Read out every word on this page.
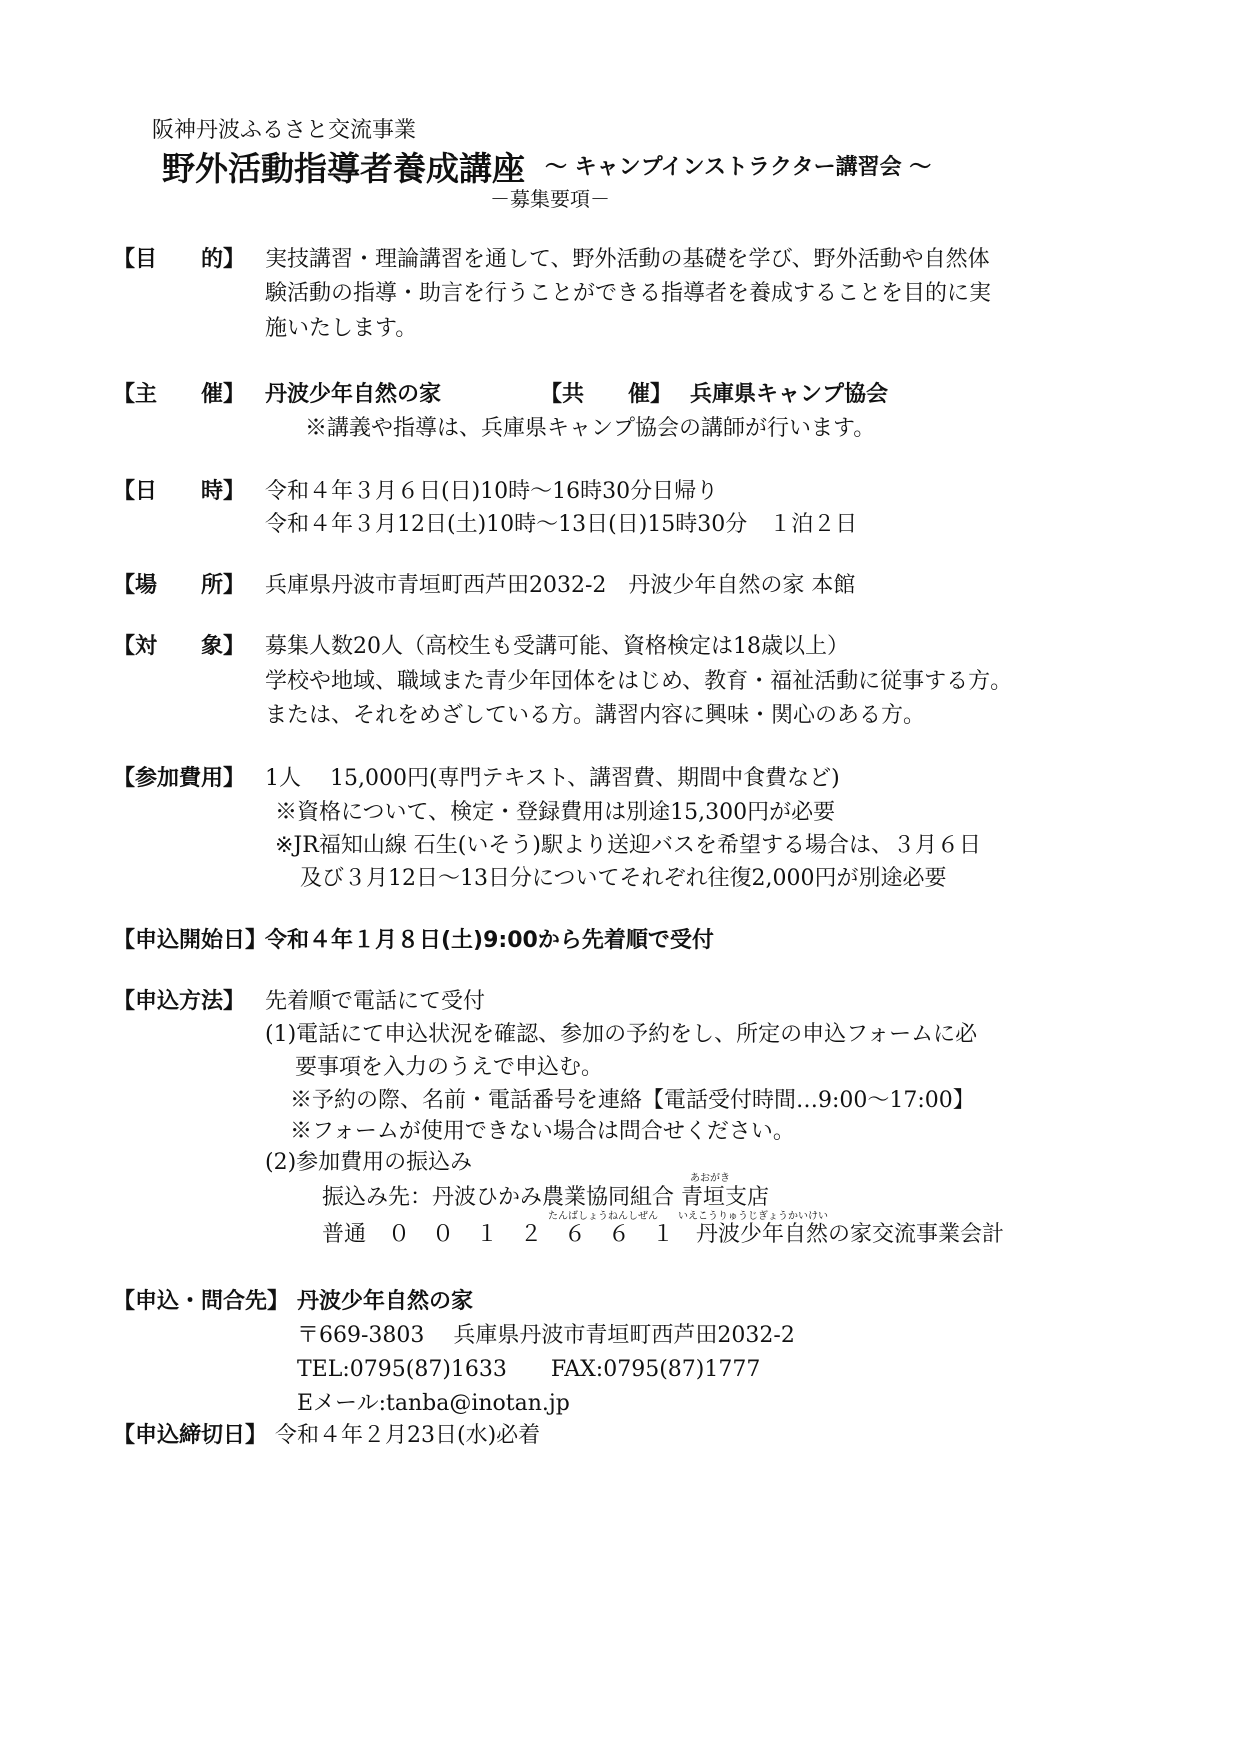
阪神丹波ふるさと交流事業
野外活動指導者養成講座 ～ キャンプインストラクター講習会 ～
－募集要項－
【目　　的】 実技講習・理論講習を通して、野外活動の基礎を学び、野外活動や自然体
験活動の指導・助言を行うことができる指導者を養成することを目的に実
施いたします。
【主　　催】 丹波少年自然の家	【共　　催】 兵庫県キャンプ協会
※講義や指導は、兵庫県キャンプ協会の講師が行います。
【日　　時】 令和４年３月６日(日)10時～16時30分日帰り
令和４年３月12日(土)10時～13日(日)15時30分　１泊２日
【場　　所】 兵庫県丹波市青垣町西芦田2032-2　丹波少年自然の家 本館
【対　　象】 募集人数20人（高校生も受講可能、資格検定は18歳以上）
学校や地域、職域また青少年団体をはじめ、教育・福祉活動に従事する方。
または、それをめざしている方。講習内容に興味・関心のある方。
【参加費用】 1人　 15,000円(専門テキスト、講習費、期間中食費など)
※資格について、検定・登録費用は別途15,300円が必要
※JR福知山線 石生(いそう)駅より送迎バスを希望する場合は、３月６日
及び３月12日～13日分についてそれぞれ往復2,000円が別途必要
【申込開始日】
令和４年１月８日(土)9:00から先着順で受付
【申込方法】 先着順で電話にて受付
(1)電話にて申込状況を確認、参加の予約をし、所定の申込フォームに必
要事項を入力のうえで申込む。
※予約の際、名前・電話番号を連絡【電話受付時間…9:00～17:00】
※フォームが使用できない場合は問合せください。
(2)参加費用の振込み
あおがき
振込み先：丹波ひかみ農業協同組合 青垣支店
たんばしょうねんしぜん　　いえこうりゅうじぎょうかいけい
普通　０　０　１　２　６　６　１　丹波少年自然の家交流事業会計
【申込・問合先】 丹波少年自然の家
〒669-3803　 兵庫県丹波市青垣町西芦田2032-2
TEL:0795(87)1633　　FAX:0795(87)1777
Eメール:tanba@inotan.jp
【申込締切日】 令和４年２月23日(水)必着
